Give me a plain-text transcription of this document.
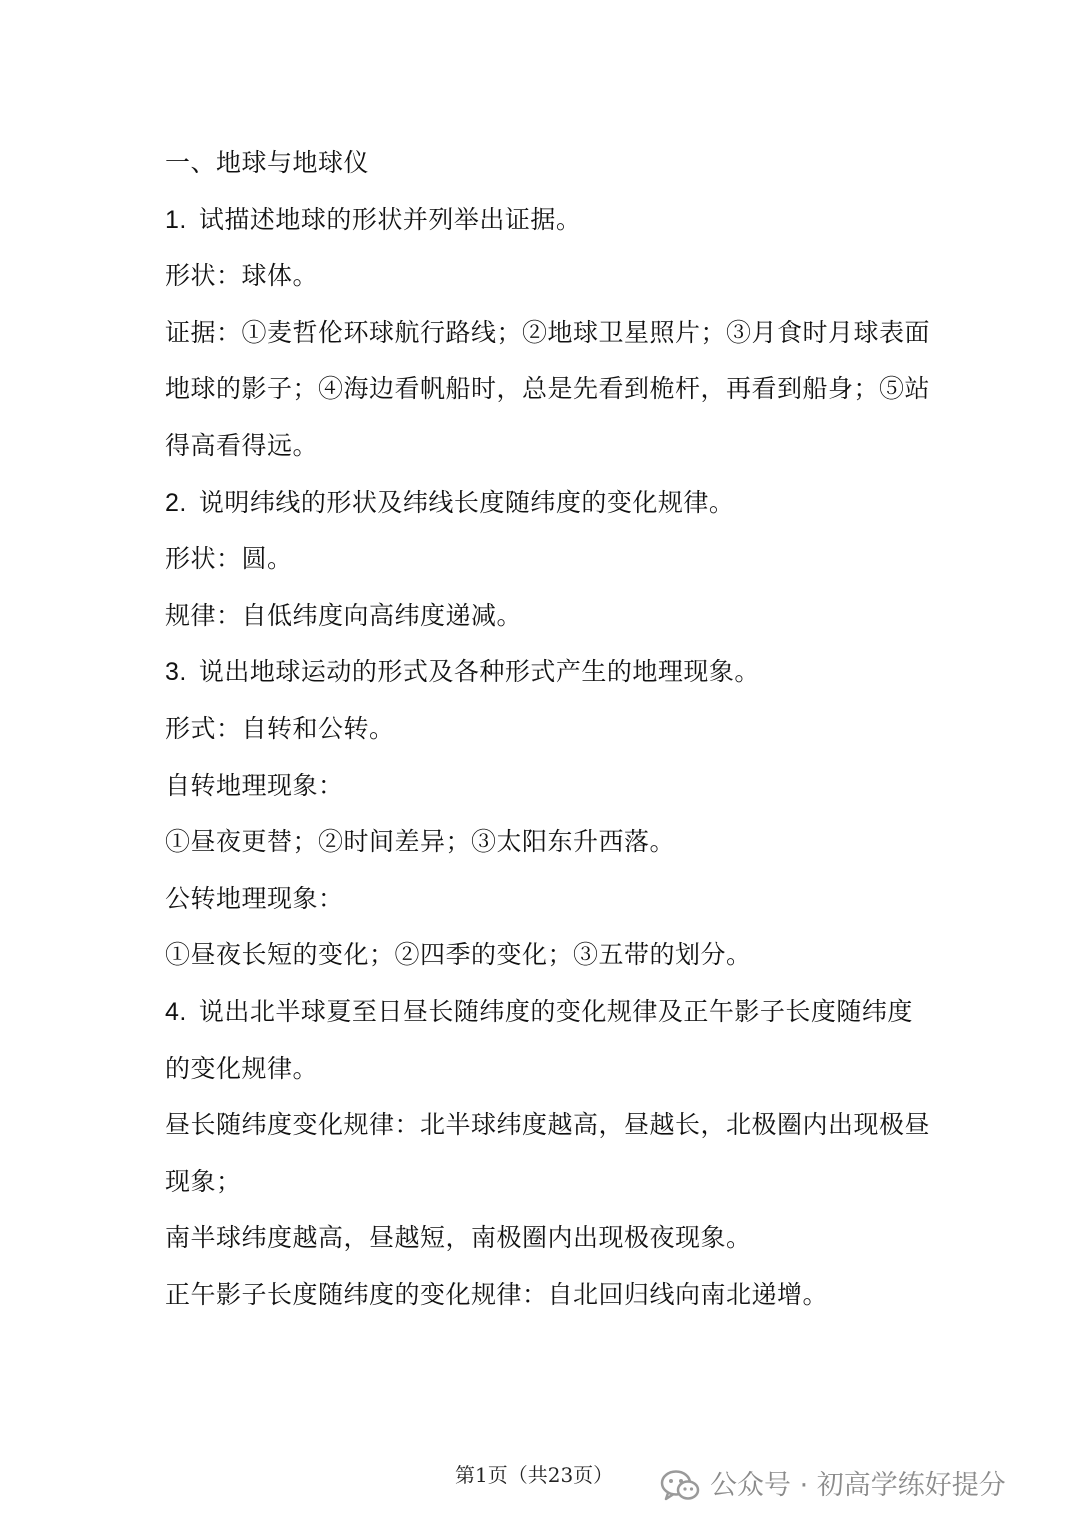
一、地球与地球仪
1. 试描述地球的形状并列举出证据。
形状：球体。
证据：①麦哲伦环球航行路线；②地球卫星照片；③月食时月球表面
地球的影子；④海边看帆船时，总是先看到桅杆，再看到船身；⑤站
得高看得远。
2. 说明纬线的形状及纬线长度随纬度的变化规律。
形状：圆。
规律：自低纬度向高纬度递减。
3. 说出地球运动的形式及各种形式产生的地理现象。
形式：自转和公转。
自转地理现象：
①昼夜更替；②时间差异；③太阳东升西落。
公转地理现象：
①昼夜长短的变化；②四季的变化；③五带的划分。
4. 说出北半球夏至日昼长随纬度的变化规律及正午影子长度随纬度
的变化规律。
昼长随纬度变化规律：北半球纬度越高，昼越长，北极圈内出现极昼
现象；
南半球纬度越高，昼越短，南极圈内出现极夜现象。
正午影子长度随纬度的变化规律：自北回归线向南北递增。
第1页（共23页）	公众号 · 初高学练好提分
